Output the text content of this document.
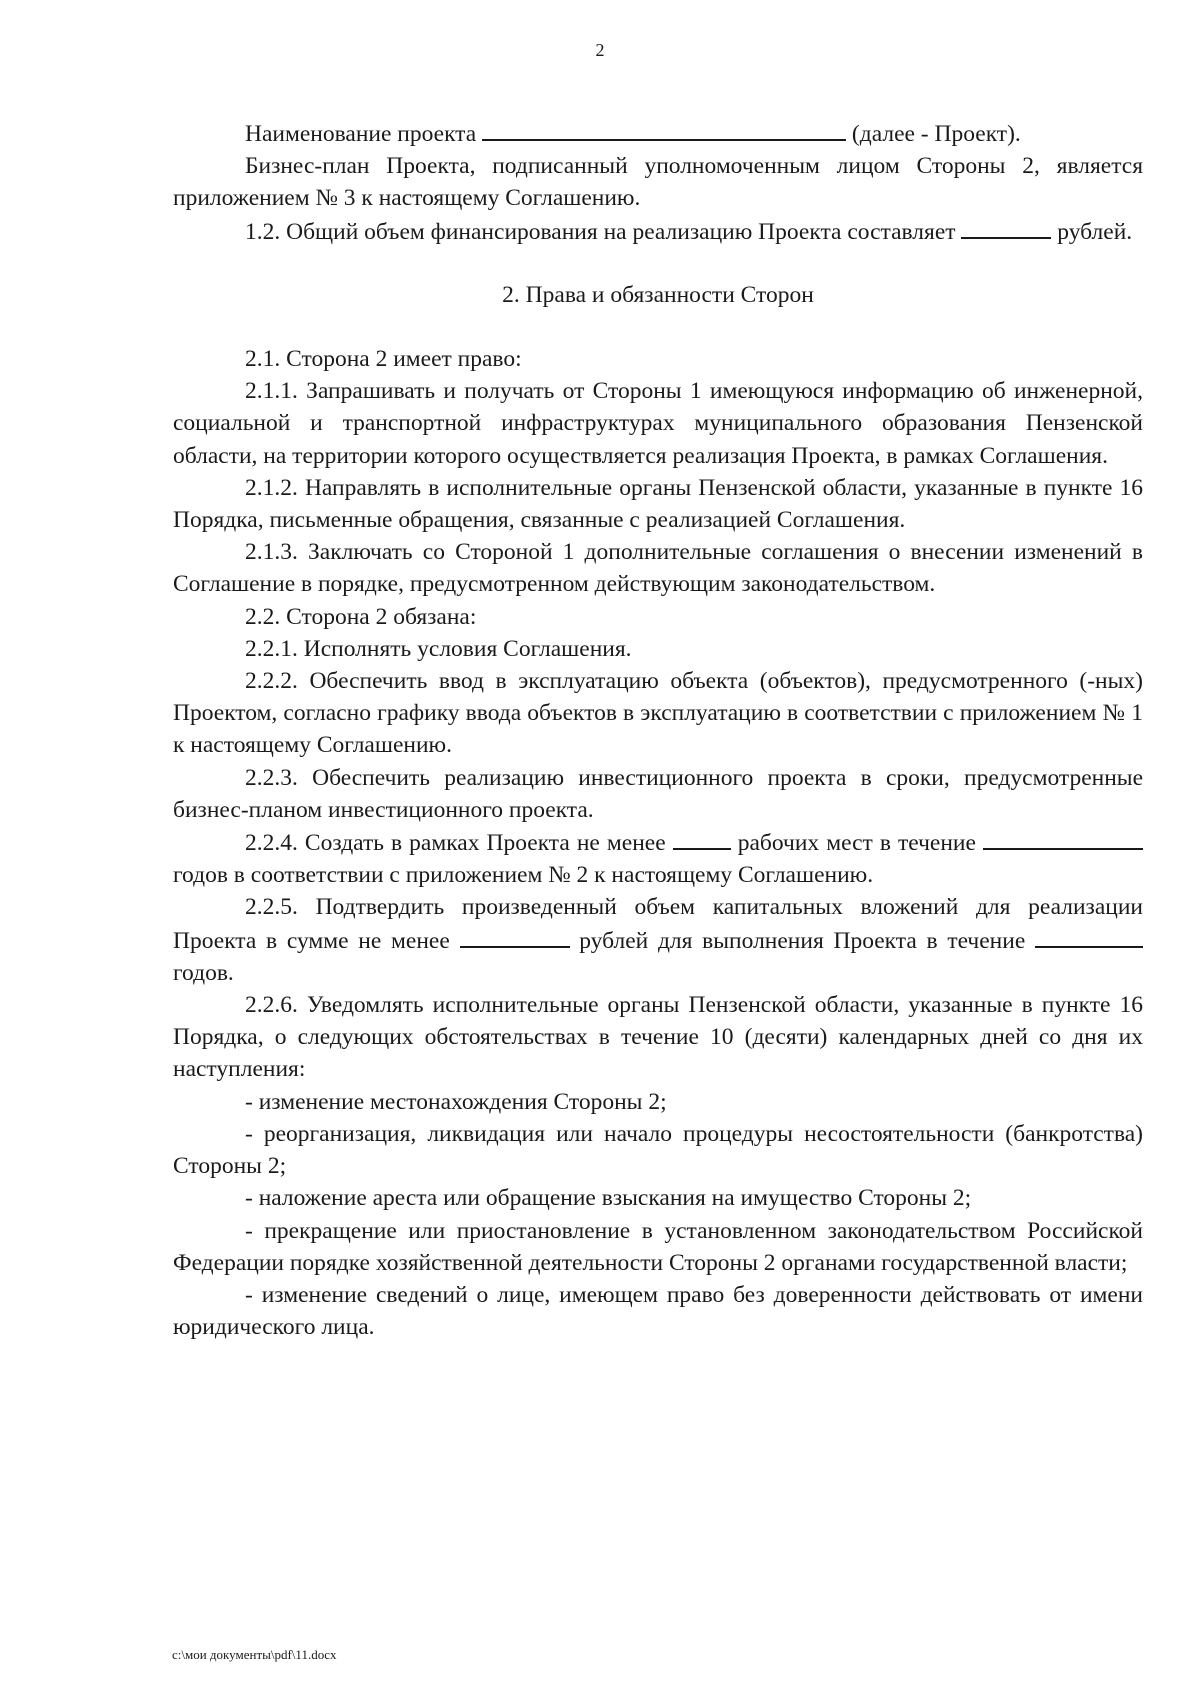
2

Наименование проекта	(далее - Проект).

Бизнес-план Проекта, подписанный уполномоченным лицом Стороны 2, является приложением № 3 к настоящему Соглашению.

1.2. Общий объем финансирования на реализацию Проекта составляет	рублей.

2. Права и обязанности Сторон

2.1. Сторона 2 имеет право:

2.1.1. Запрашивать и получать от Стороны 1 имеющуюся информацию об инженерной, социальной и транспортной инфраструктурах муниципального образования Пензенской области, на территории которого осуществляется реализация Проекта, в рамках Соглашения.

2.1.2. Направлять в исполнительные органы Пензенской области, указанные в пункте 16 Порядка, письменные обращения, связанные с реализацией Соглашения.

2.1.3. Заключать со Стороной 1 дополнительные соглашения о внесении изменений в Соглашение в порядке, предусмотренном действующим законодательством.

2.2. Сторона 2 обязана:

2.2.1. Исполнять условия Соглашения.

2.2.2. Обеспечить ввод в эксплуатацию объекта (объектов), предусмотренного (-ных) Проектом, согласно графику ввода объектов в эксплуатацию в соответствии с приложением № 1 к настоящему Соглашению.

2.2.3. Обеспечить реализацию инвестиционного проекта в сроки, предусмотренные бизнес-планом инвестиционного проекта.

2.2.4. Создать в рамках Проекта не менее  рабочих мест в течение  годов в соответствии с приложением № 2 к настоящему Соглашению.

2.2.5. Подтвердить произведенный объем капитальных вложений для реализации Проекта в сумме не менее	рублей для выполнения Проекта в течение  годов.

2.2.6. Уведомлять исполнительные органы Пензенской области, указанные в пункте 16 Порядка, о следующих обстоятельствах в течение 10 (десяти) календарных дней со дня их наступления:

- изменение местонахождения Стороны 2;

- реорганизация, ликвидация или начало процедуры несостоятельности (банкротства) Стороны 2;

- наложение ареста или обращение взыскания на имущество Стороны 2;

- прекращение или приостановление в установленном законодательством Российской Федерации порядке хозяйственной деятельности Стороны 2 органами государственной власти;

- изменение сведений о лице, имеющем право без доверенности действовать от имени юридического лица.

c:\мои документы\pdf\11.docx
